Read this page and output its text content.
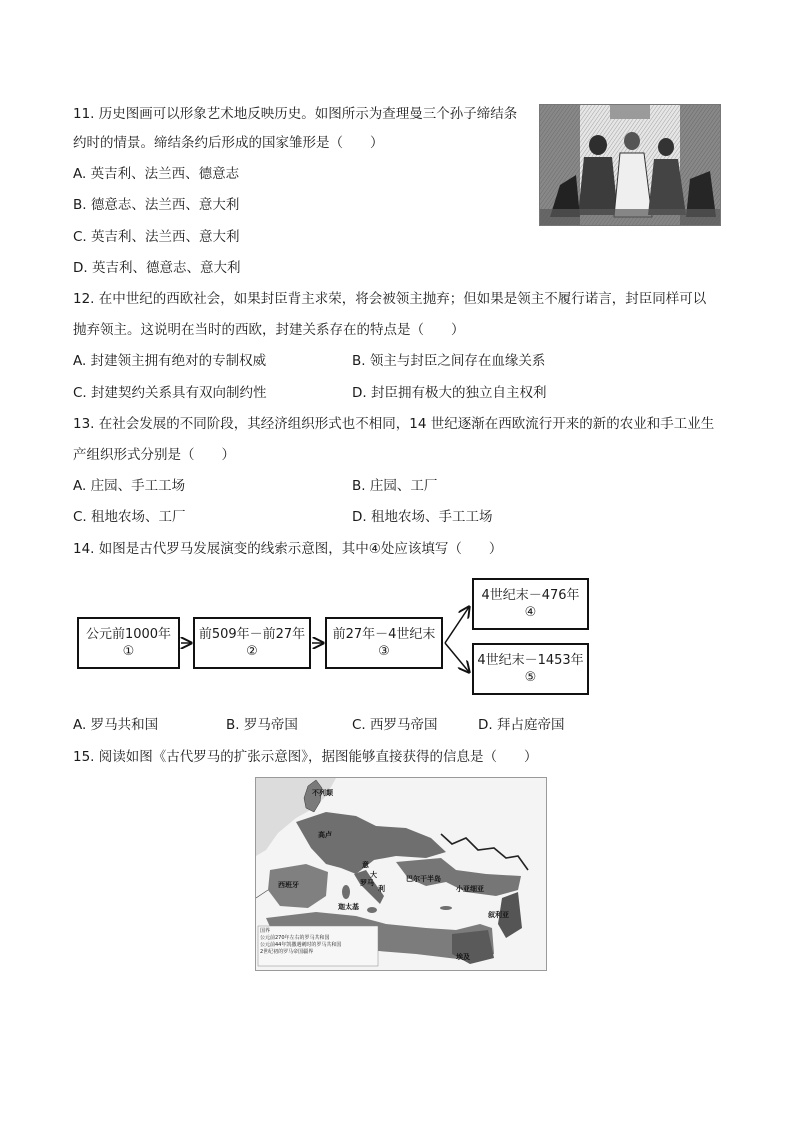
11. 历史图画可以形象艺术地反映历史。如图所示为查理曼三个孙子缔结条
约时的情景。缔结条约后形成的国家雏形是（　　）
A. 英吉利、法兰西、德意志
B. 德意志、法兰西、意大利
C. 英吉利、法兰西、意大利
D. 英吉利、德意志、意大利
12. 在中世纪的西欧社会，如果封臣背主求荣，将会被领主抛弃；但如果是领主不履行诺言，封臣同样可以
抛弃领主。这说明在当时的西欧，封建关系存在的特点是（　　）
A. 封建领主拥有绝对的专制权威	B. 领主与封臣之间存在血缘关系
C. 封建契约关系具有双向制约性	D. 封臣拥有极大的独立自主权利
13. 在社会发展的不同阶段，其经济组织形式也不相同，14 世纪逐渐在西欧流行开来的新的农业和手工业生
产组织形式分别是（　　）
A. 庄园、手工工场	B. 庄园、工厂
C. 租地农场、工厂	D. 租地农场、手工工场
14. 如图是古代罗马发展演变的线索示意图，其中④处应该填写（　　）
公元前1000年
①
前509年－前27年
②
前27年－4世纪末
③
4世纪末－476年
④
4世纪末－1453年
⑤
A. 罗马共和国	B. 罗马帝国	C. 西罗马帝国	D. 拜占庭帝国
15. 阅读如图《古代罗马的扩张示意图》，据图能够直接获得的信息是（　　）
不列颠
高卢
西班牙
意
大
罗马
利
巴尔干半岛
小亚细亚
迦太基
叙利亚
埃及
国界
公元前270年左右的罗马共和国
公元前44年凯撒遇刺时的罗马共和国
2世纪初的罗马帝国疆界
